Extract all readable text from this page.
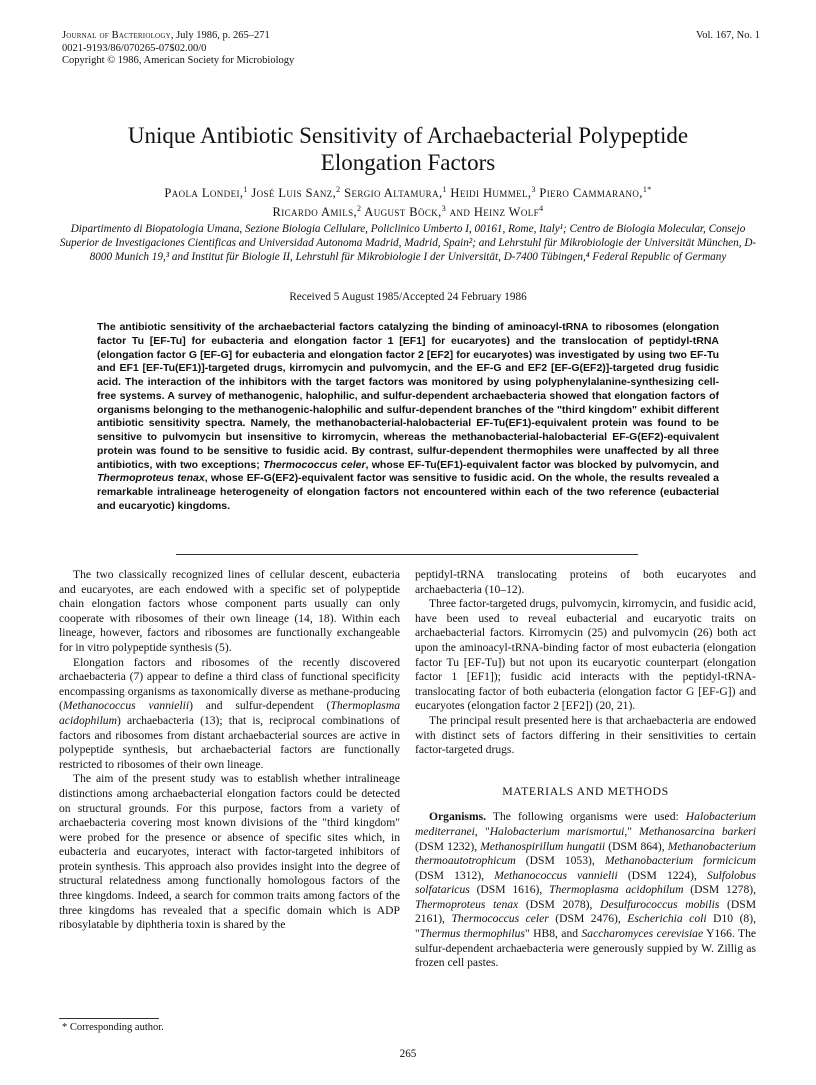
Journal of Bacteriology, July 1986, p. 265–271
0021-9193/86/070265-07$02.00/0
Copyright © 1986, American Society for Microbiology
Vol. 167, No. 1
Unique Antibiotic Sensitivity of Archaebacterial Polypeptide
Elongation Factors
Paola Londei,$^1$ José Luis Sanz,$^2$ Sergio Altamura,$^1$ Heidi Hummel,$^3$ Piero Cammarano,$^{1*}$
Ricardo Amils,$^2$ August Böck,$^3$ and Heinz Wolf$^4$
Dipartimento di Biopatologia Umana, Sezione Biologia Cellulare, Policlinico Umberto I, 00161, Rome, Italy¹; Centro de Biologia Molecular, Consejo Superior de Investigaciones Cientificas and Universidad Autonoma Madrid, Madrid, Spain²; and Lehrstuhl für Mikrobiologie der Universität München, D-8000 Munich 19,³ and Institut für Biologie II, Lehrstuhl für Mikrobiologie I der Universität, D-7400 Tübingen,⁴ Federal Republic of Germany
Received 5 August 1985/Accepted 24 February 1986

The antibiotic sensitivity of the archaebacterial factors catalyzing the binding of aminoacyl-tRNA to ribosomes (elongation factor Tu [EF-Tu] for eubacteria and elongation factor 1 [EF1] for eucaryotes) and the translocation of peptidyl-tRNA (elongation factor G [EF-G] for eubacteria and elongation factor 2 [EF2] for eucaryotes) was investigated by using two EF-Tu and EF1 [EF-Tu(EF1)]-targeted drugs, kirromycin and pulvomycin, and the EF-G and EF2 [EF-G(EF2)]-targeted drug fusidic acid. The interaction of the inhibitors with the target factors was monitored by using polyphenylalanine-synthesizing cell-free systems. A survey of methanogenic, halophilic, and sulfur-dependent archaebacteria showed that elongation factors of organisms belonging to the methanogenic-halophilic and sulfur-dependent branches of the "third kingdom" exhibit different antibiotic sensitivity spectra. Namely, the methanobacterial-halobacterial EF-Tu(EF1)-equivalent protein was found to be sensitive to pulvomycin but insensitive to kirromycin, whereas the methanobacterial-halobacterial EF-G(EF2)-equivalent protein was found to be sensitive to fusidic acid. By contrast, sulfur-dependent thermophiles were unaffected by all three antibiotics, with two exceptions; Thermococcus celer, whose EF-Tu(EF1)-equivalent factor was blocked by pulvomycin, and Thermoproteus tenax, whose EF-G(EF2)-equivalent factor was sensitive to fusidic acid. On the whole, the results revealed a remarkable intralineage heterogeneity of elongation factors not encountered within each of the two reference (eubacterial and eucaryotic) kingdoms.

The two classically recognized lines of cellular descent, eubacteria and eucaryotes, are each endowed with a specific set of polypeptide chain elongation factors whose component parts usually can only cooperate with ribosomes of their own lineage (14, 18). Within each lineage, however, factors and ribosomes are functionally exchangeable for in vitro polypeptide synthesis (5).

Elongation factors and ribosomes of the recently discovered archaebacteria (7) appear to define a third class of functional specificity encompassing organisms as taxonomically diverse as methane-producing (Methanococcus vannielii) and sulfur-dependent (Thermoplasma acidophilum) archaebacteria (13); that is, reciprocal combinations of factors and ribosomes from distant archaebacterial sources are active in polypeptide synthesis, but archaebacterial factors are functionally restricted to ribosomes of their own lineage.

The aim of the present study was to establish whether intralineage distinctions among archaebacterial elongation factors could be detected on structural grounds. For this purpose, factors from a variety of archaebacteria covering most known divisions of the "third kingdom" were probed for the presence or absence of specific sites which, in eubacteria and eucaryotes, interact with factor-targeted inhibitors of protein synthesis. This approach also provides insight into the degree of structural relatedness among functionally homologous factors of the three kingdoms. Indeed, a search for common traits among factors of the three kingdoms has revealed that a specific domain which is ADP ribosylatable by diphtheria toxin is shared by the

peptidyl-tRNA translocating proteins of both eucaryotes and archaebacteria (10–12).

Three factor-targeted drugs, pulvomycin, kirromycin, and fusidic acid, have been used to reveal eubacterial and eucaryotic traits on archaebacterial factors. Kirromycin (25) and pulvomycin (26) both act upon the aminoacyl-tRNA-binding factor of most eubacteria (elongation factor Tu [EF-Tu]) but not upon its eucaryotic counterpart (elongation factor 1 [EF1]); fusidic acid interacts with the peptidyl-tRNA-translocating factor of both eubacteria (elongation factor G [EF-G]) and eucaryotes (elongation factor 2 [EF2]) (20, 21).

The principal result presented here is that archaebacteria are endowed with distinct sets of factors differing in their sensitivities to certain factor-targeted drugs.

MATERIALS AND METHODS

Organisms. The following organisms were used: Halobacterium mediterranei, "Halobacterium marismortui," Methanosarcina barkeri (DSM 1232), Methanospirillum hungatii (DSM 864), Methanobacterium thermoautotrophicum (DSM 1053), Methanobacterium formicicum (DSM 1312), Methanococcus vannielii (DSM 1224), Sulfolobus solfataricus (DSM 1616), Thermoplasma acidophilum (DSM 1278), Thermoproteus tenax (DSM 2078), Desulfurococcus mobilis (DSM 2161), Thermococcus celer (DSM 2476), Escherichia coli D10 (8), "Thermus thermophilus" HB8, and Saccharomyces cerevisiae Y166. The sulfur-dependent archaebacteria were generously suppied by W. Zillig as frozen cell pastes.

* Corresponding author.
265
